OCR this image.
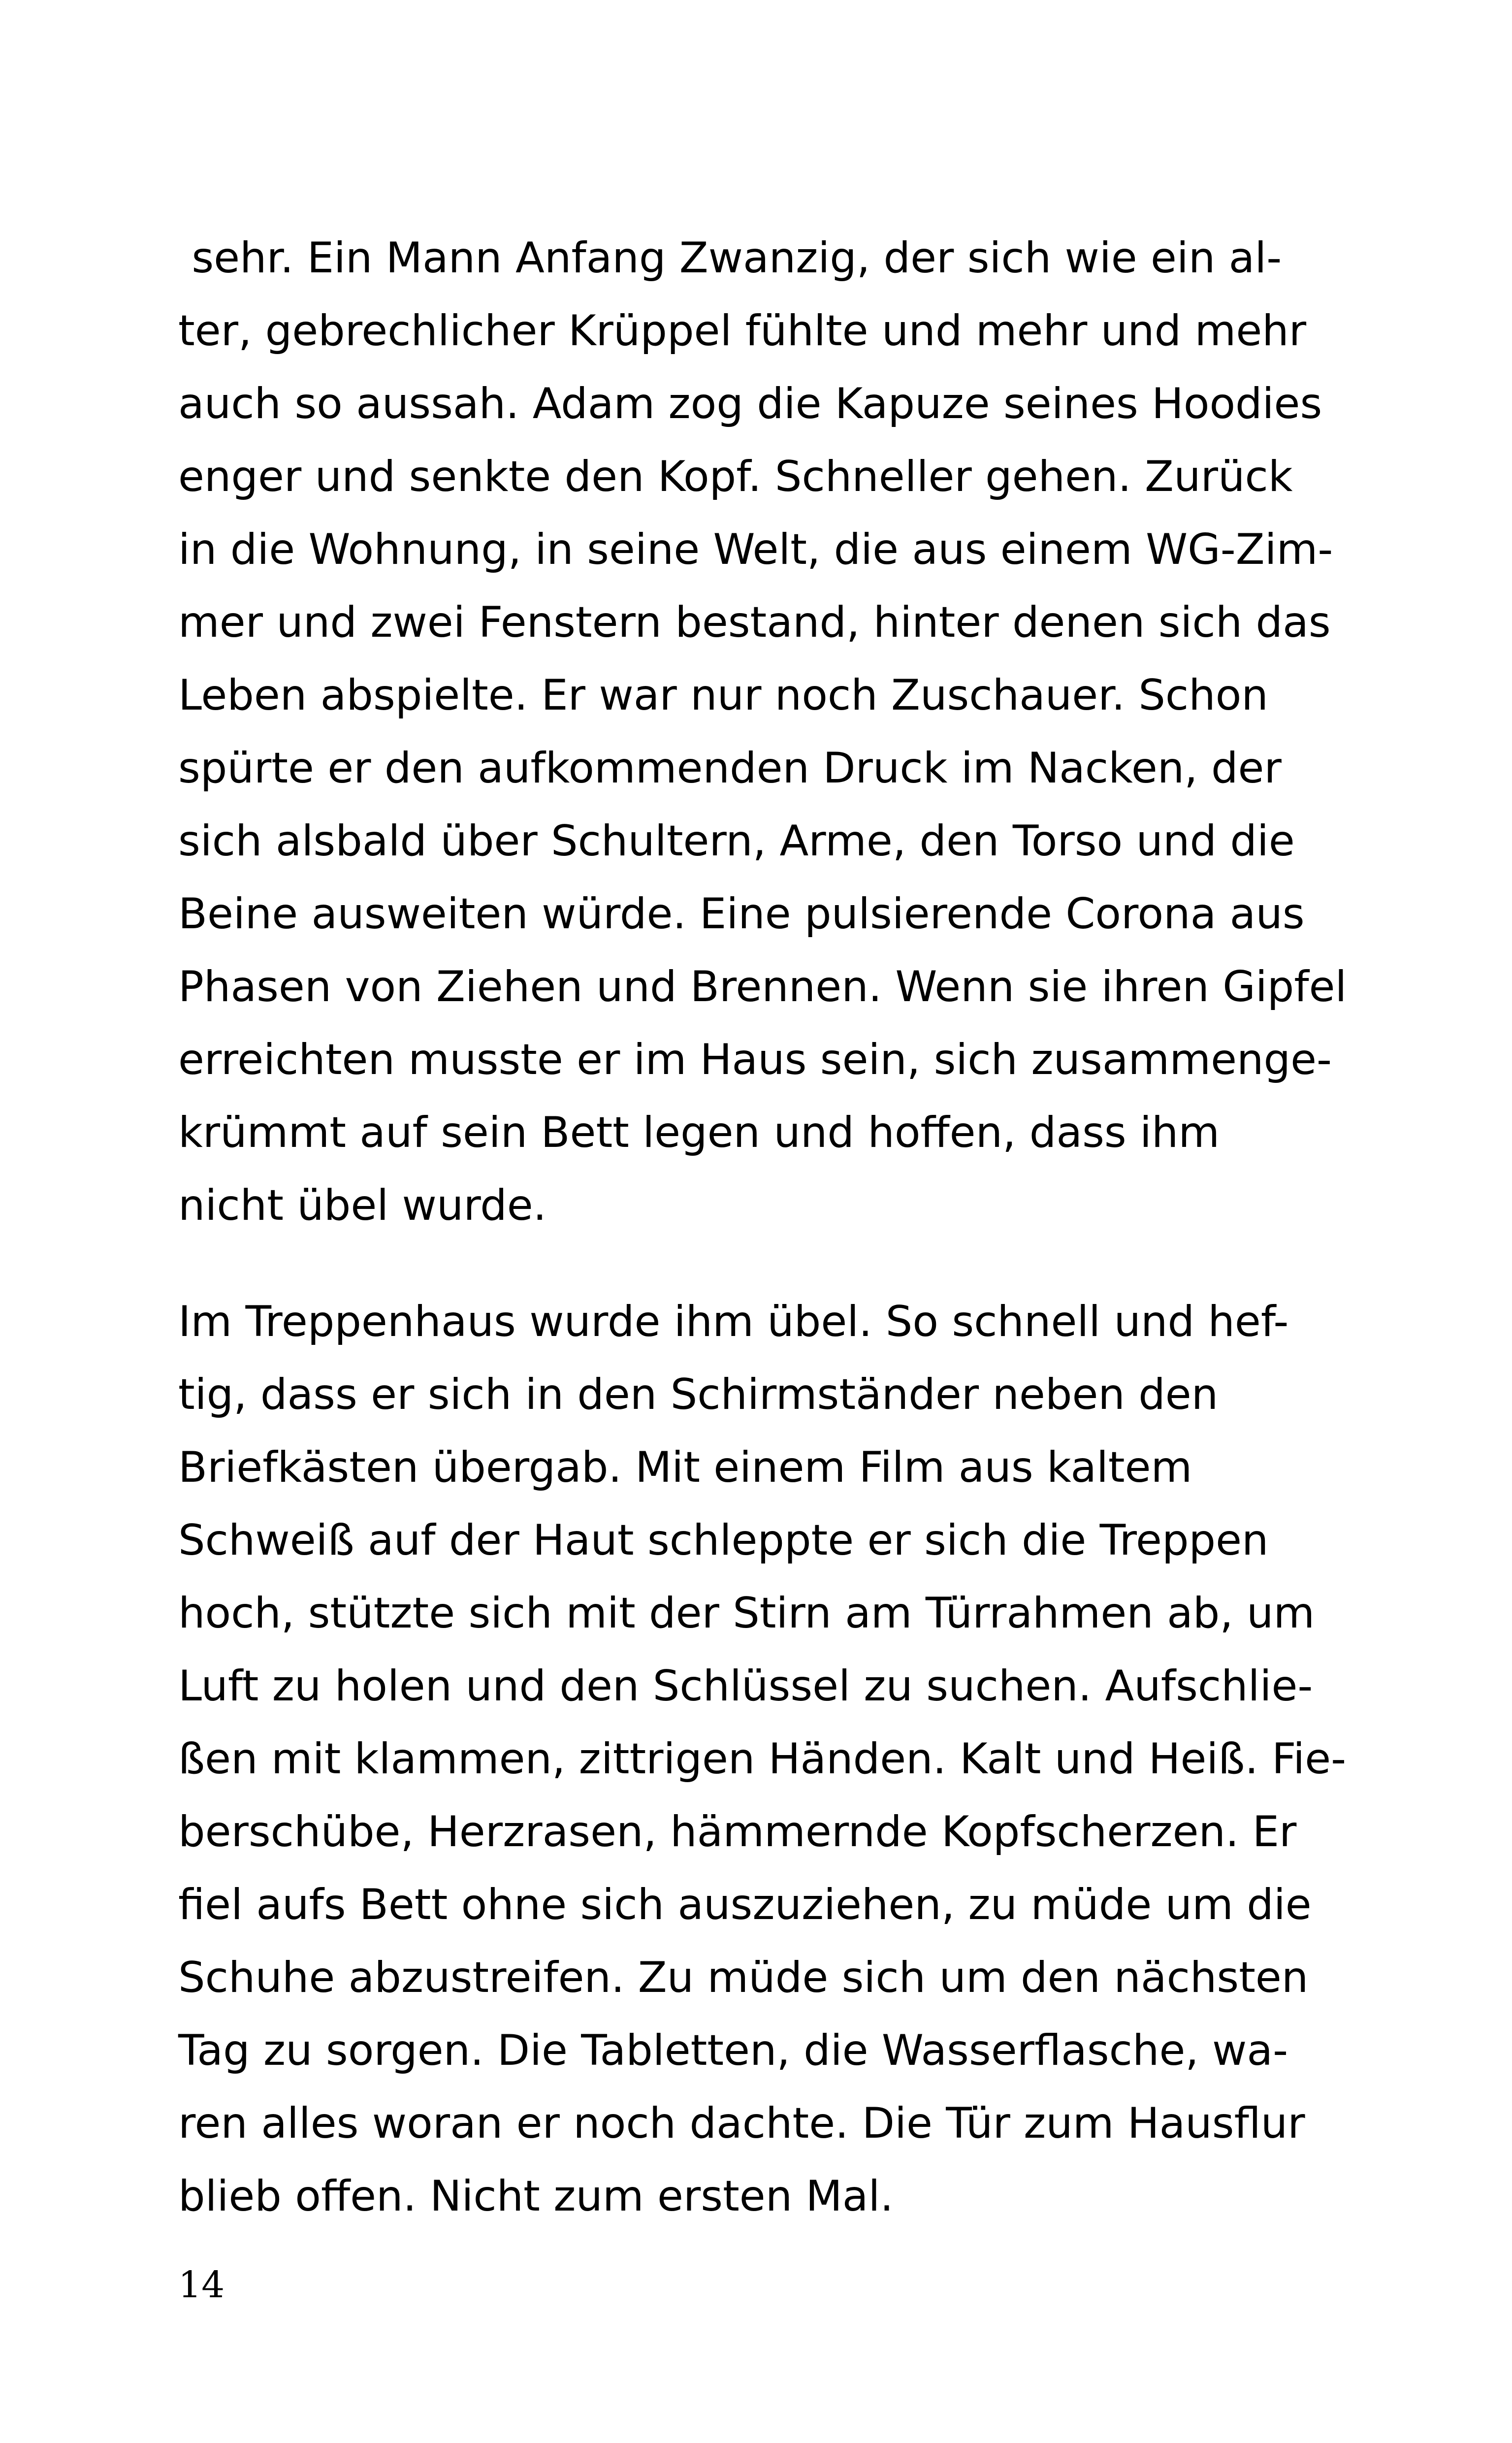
sehr. Ein Mann Anfang Zwanzig, der sich wie ein al-
ter, gebrechlicher Krüppel fühlte und mehr und mehr
auch so aussah. Adam zog die Kapuze seines Hoodies
enger und senkte den Kopf. Schneller gehen. Zurück
in die Wohnung, in seine Welt, die aus einem WG-Zim-
mer und zwei Fenstern bestand, hinter denen sich das
Leben abspielte. Er war nur noch Zuschauer. Schon
spürte er den aufkommenden Druck im Nacken, der
sich alsbald über Schultern, Arme, den Torso und die
Beine ausweiten würde. Eine pulsierende Corona aus
Phasen von Ziehen und Brennen. Wenn sie ihren Gipfel
erreichten musste er im Haus sein, sich zusammenge-
krümmt auf sein Bett legen und hoffen, dass ihm
nicht übel wurde.
Im Treppenhaus wurde ihm übel. So schnell und hef-
tig, dass er sich in den Schirmständer neben den
Briefkästen übergab. Mit einem Film aus kaltem
Schweiß auf der Haut schleppte er sich die Treppen
hoch, stützte sich mit der Stirn am Türrahmen ab, um
Luft zu holen und den Schlüssel zu suchen. Aufschlie-
ßen mit klammen, zittrigen Händen. Kalt und Heiß. Fie-
berschübe, Herzrasen, hämmernde Kopfscherzen. Er
fiel aufs Bett ohne sich auszuziehen, zu müde um die
Schuhe abzustreifen. Zu müde sich um den nächsten
Tag zu sorgen. Die Tabletten, die Wasserflasche, wa-
ren alles woran er noch dachte. Die Tür zum Hausflur
blieb offen. Nicht zum ersten Mal.
14
